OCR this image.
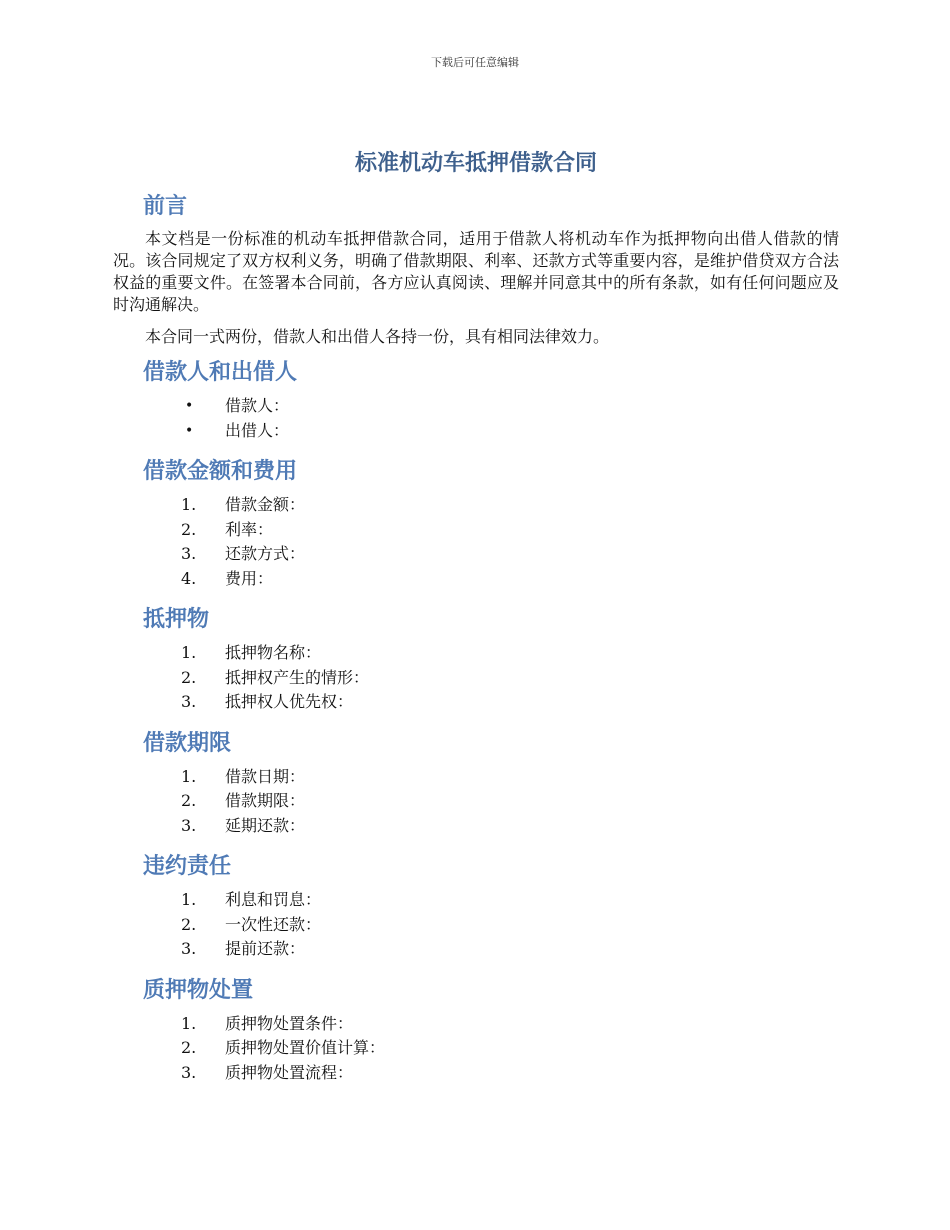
下载后可任意编辑
标准机动车抵押借款合同
前言

本文档是一份标准的机动车抵押借款合同，适用于借款人将机动车作为抵押物向出借人借款的情况。该合同规定了双方权利义务，明确了借款期限、利率、还款方式等重要内容，是维护借贷双方合法权益的重要文件。在签署本合同前，各方应认真阅读、理解并同意其中的所有条款，如有任何问题应及时沟通解决。

本合同一式两份，借款人和出借人各持一份，具有相同法律效力。

借款人和出借人
•	借款人：
•	出借人：
借款金额和费用
1.	借款金额：
2.	利率：
3.	还款方式：
4.	费用：
抵押物
1.	抵押物名称：
2.	抵押权产生的情形：
3.	抵押权人优先权：
借款期限
1.	借款日期：
2.	借款期限：
3.	延期还款：
违约责任
1.	利息和罚息：
2.	一次性还款：
3.	提前还款：
质押物处置
1.	质押物处置条件：
2.	质押物处置价值计算：
3.	质押物处置流程：
